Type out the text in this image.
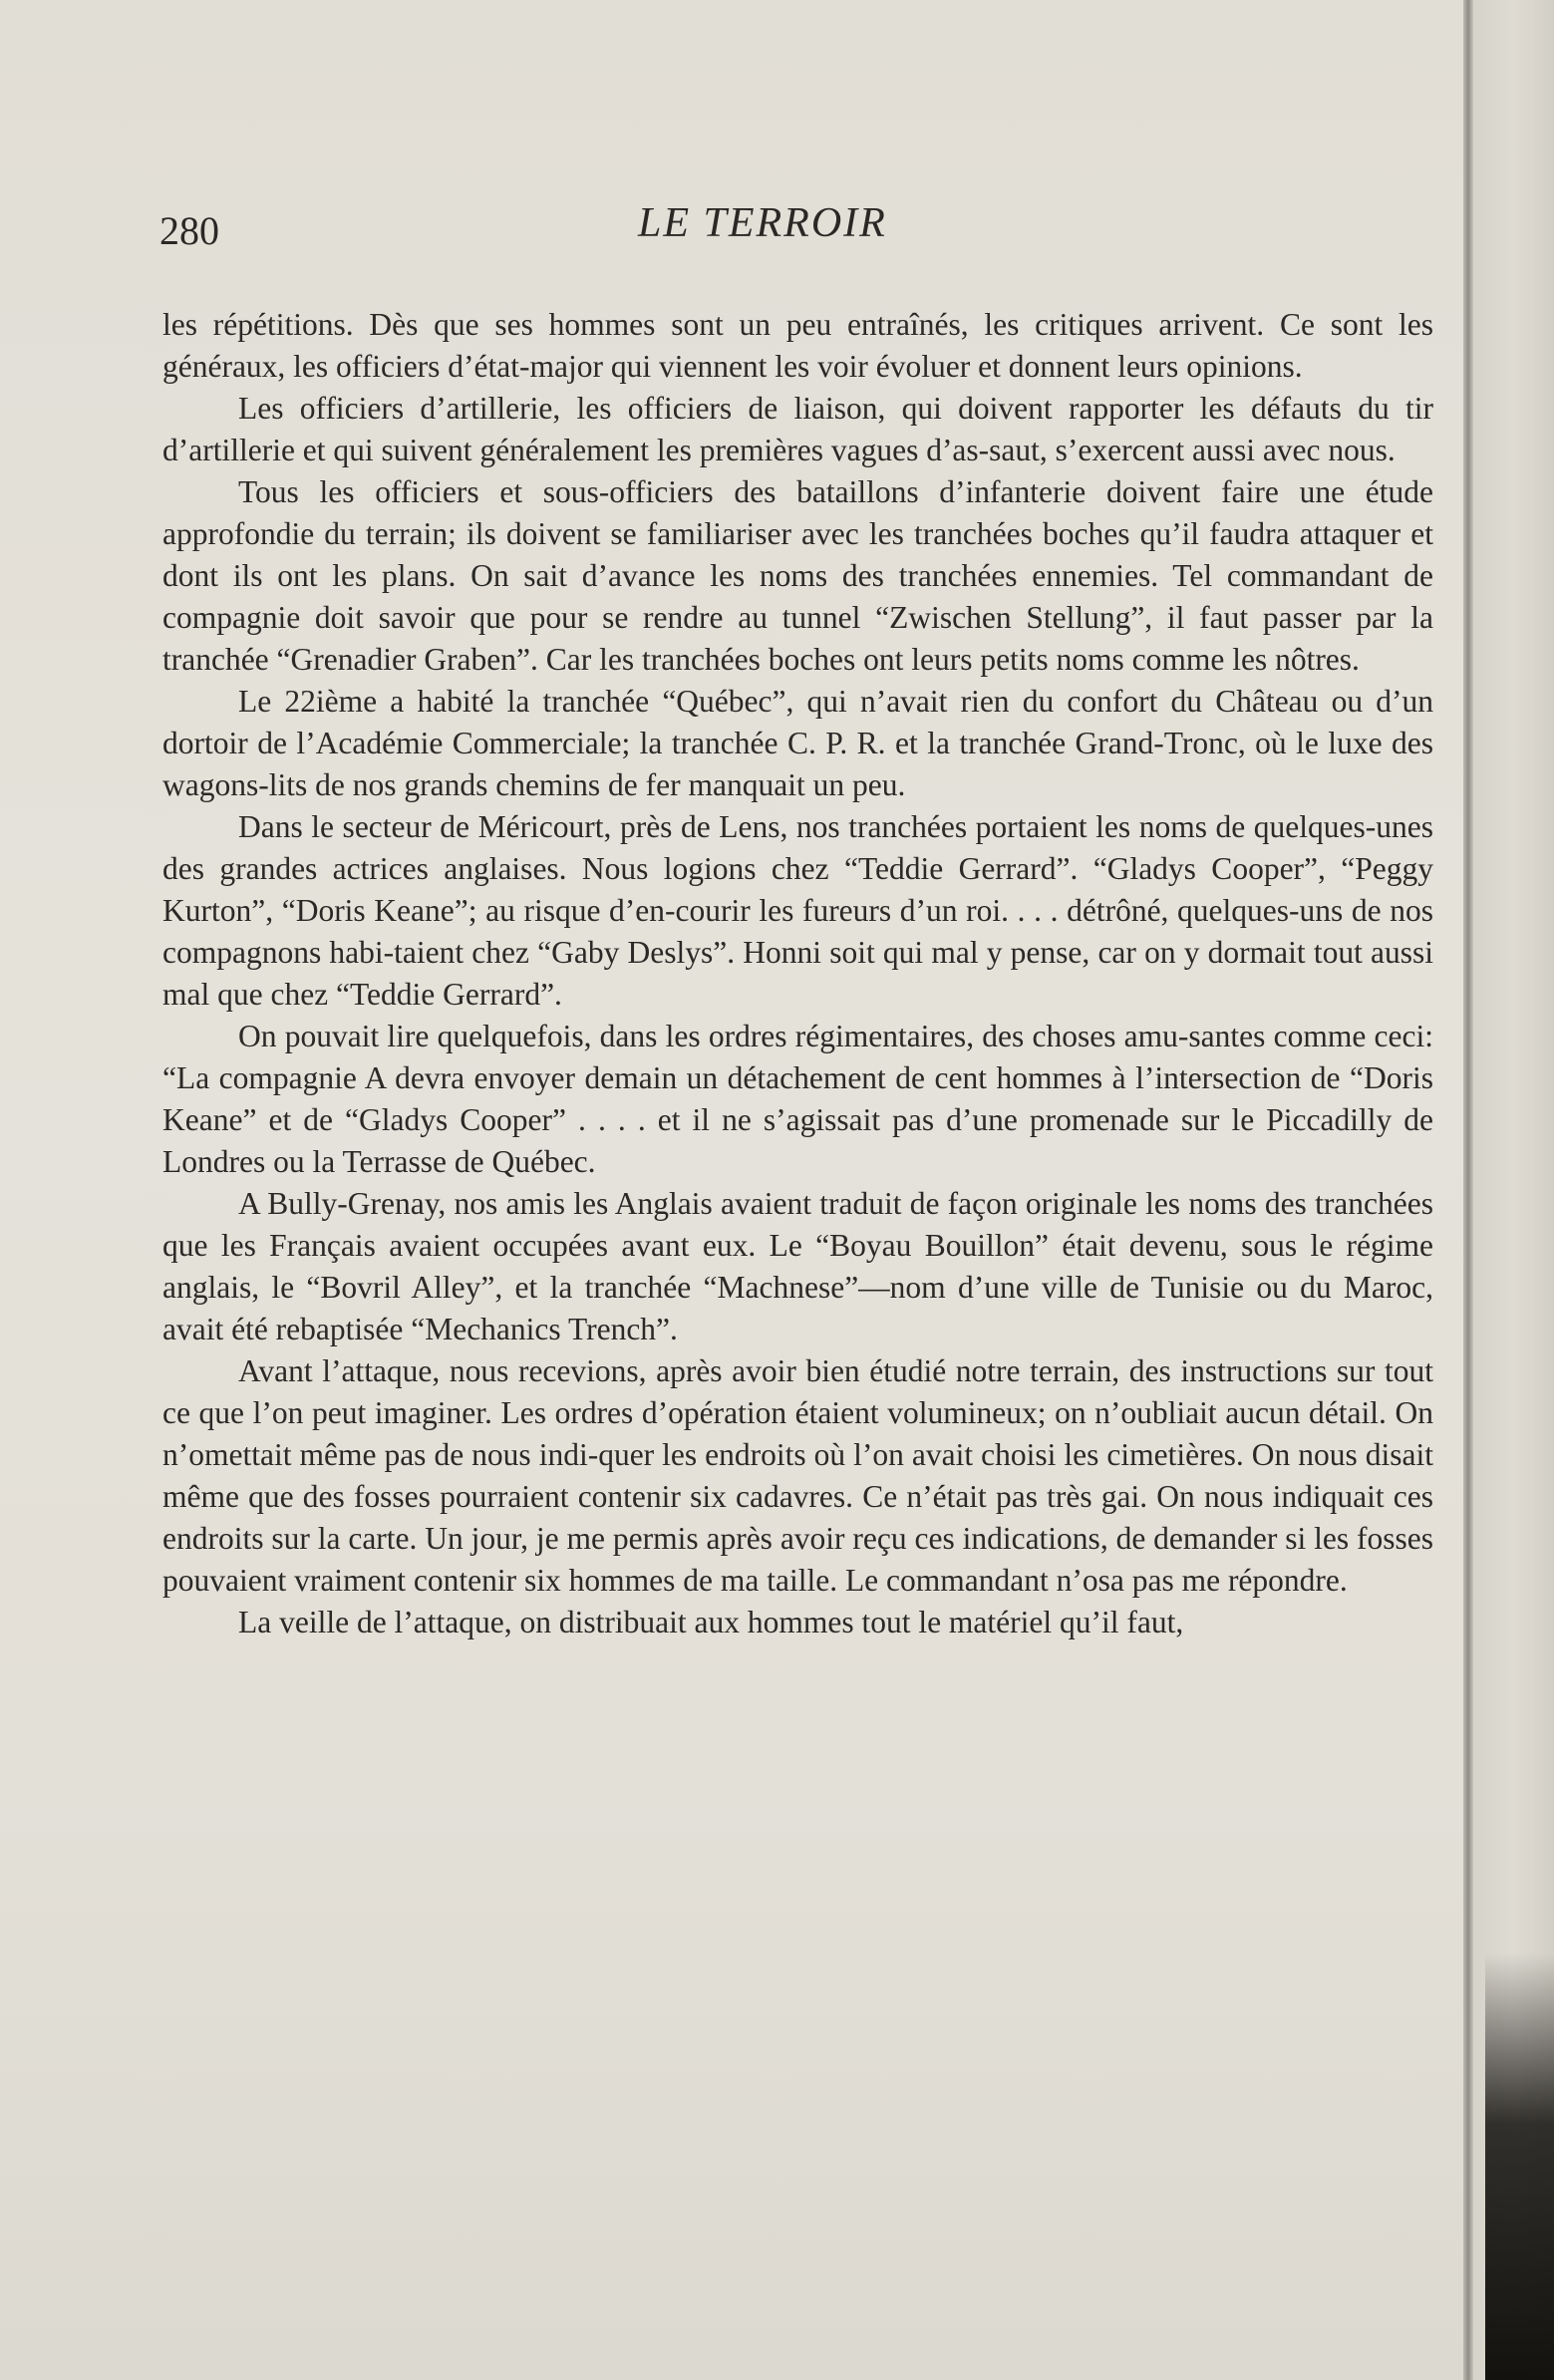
280	LE TERROIR

les répétitions. Dès que ses hommes sont un peu entraînés, les critiques arrivent. Ce sont les généraux, les officiers d’état-major qui viennent les voir évoluer et donnent leurs opinions.

Les officiers d’artillerie, les officiers de liaison, qui doivent rapporter les défauts du tir d’artillerie et qui suivent généralement les premières vagues d’as-saut, s’exercent aussi avec nous.

Tous les officiers et sous-officiers des bataillons d’infanterie doivent faire une étude approfondie du terrain; ils doivent se familiariser avec les tranchées boches qu’il faudra attaquer et dont ils ont les plans. On sait d’avance les noms des tranchées ennemies. Tel commandant de compagnie doit savoir que pour se rendre au tunnel “Zwischen Stellung”, il faut passer par la tranchée “Grenadier Graben”. Car les tranchées boches ont leurs petits noms comme les nôtres.

Le 22ième a habité la tranchée “Québec”, qui n’avait rien du confort du Château ou d’un dortoir de l’Académie Commerciale; la tranchée C. P. R. et la tranchée Grand-Tronc, où le luxe des wagons-lits de nos grands chemins de fer manquait un peu.

Dans le secteur de Méricourt, près de Lens, nos tranchées portaient les noms de quelques-unes des grandes actrices anglaises. Nous logions chez “Teddie Gerrard”. “Gladys Cooper”, “Peggy Kurton”, “Doris Keane”; au risque d’en-courir les fureurs d’un roi. . . . détrôné, quelques-uns de nos compagnons habi-taient chez “Gaby Deslys”. Honni soit qui mal y pense, car on y dormait tout aussi mal que chez “Teddie Gerrard”.

On pouvait lire quelquefois, dans les ordres régimentaires, des choses amu-santes comme ceci: “La compagnie A devra envoyer demain un détachement de cent hommes à l’intersection de “Doris Keane” et de “Gladys Cooper” . . . . et il ne s’agissait pas d’une promenade sur le Piccadilly de Londres ou la Terrasse de Québec.

A Bully-Grenay, nos amis les Anglais avaient traduit de façon originale les noms des tranchées que les Français avaient occupées avant eux. Le “Boyau Bouillon” était devenu, sous le régime anglais, le “Bovril Alley”, et la tranchée “Machnese”—nom d’une ville de Tunisie ou du Maroc, avait été rebaptisée “Mechanics Trench”.

Avant l’attaque, nous recevions, après avoir bien étudié notre terrain, des instructions sur tout ce que l’on peut imaginer. Les ordres d’opération étaient volumineux; on n’oubliait aucun détail. On n’omettait même pas de nous indi-quer les endroits où l’on avait choisi les cimetières. On nous disait même que des fosses pourraient contenir six cadavres. Ce n’était pas très gai. On nous indiquait ces endroits sur la carte. Un jour, je me permis après avoir reçu ces indications, de demander si les fosses pouvaient vraiment contenir six hommes de ma taille. Le commandant n’osa pas me répondre.

La veille de l’attaque, on distribuait aux hommes tout le matériel qu’il faut,
